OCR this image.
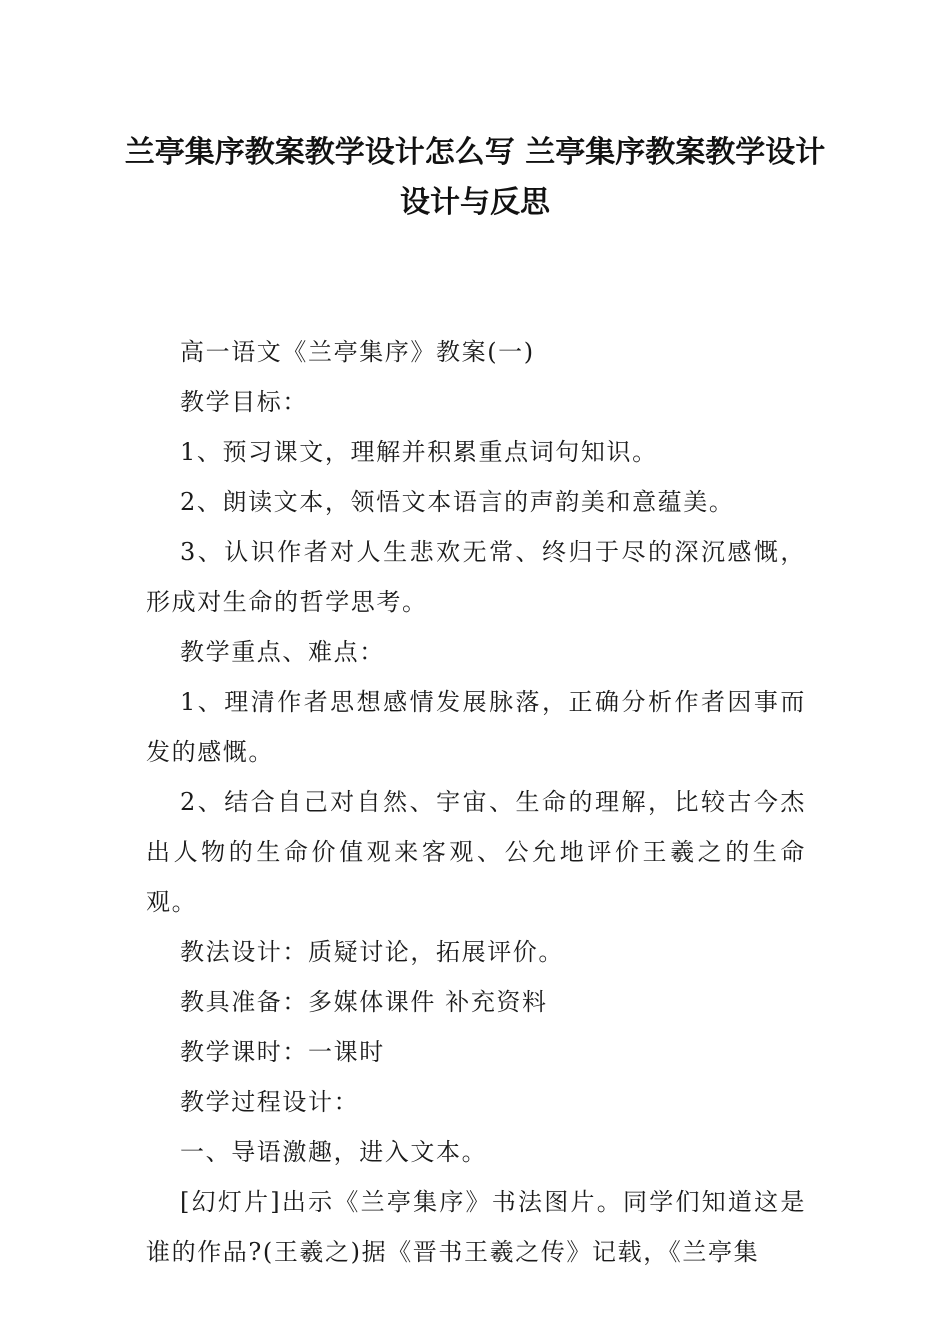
兰亭集序教案教学设计怎么写 兰亭集序教案教学设计设计与反思

高一语文《兰亭集序》教案(一)

教学目标：

1、预习课文，理解并积累重点词句知识。

2、朗读文本，领悟文本语言的声韵美和意蕴美。

3、认识作者对人生悲欢无常、终归于尽的深沉感慨，形成对生命的哲学思考。

教学重点、难点：

1、理清作者思想感情发展脉落，正确分析作者因事而发的感慨。

2、结合自己对自然、宇宙、生命的理解，比较古今杰出人物的生命价值观来客观、公允地评价王羲之的生命观。

教法设计：质疑讨论，拓展评价。

教具准备：多媒体课件 补充资料

教学课时：一课时

教学过程设计：

一、导语激趣，进入文本。

[幻灯片]出示《兰亭集序》书法图片。同学们知道这是谁的作品?(王羲之)据《晋书王羲之传》记载，《兰亭集
